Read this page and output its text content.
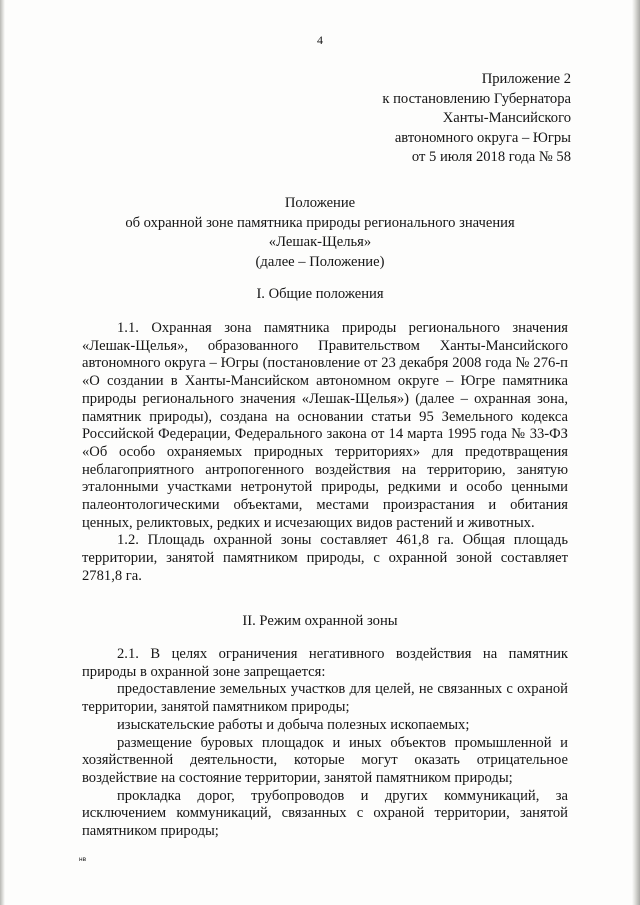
4
Приложение 2
к постановлению Губернатора
Ханты-Мансийского
автономного округа – Югры
от 5 июля 2018 года № 58
Положение
об охранной зоне памятника природы регионального значения
«Лешак-Щелья»
(далее – Положение)
I. Общие положения

1.1. Охранная зона памятника природы регионального значения «Лешак-Щелья», образованного Правительством Ханты-Мансийского автономного округа – Югры (постановление от 23 декабря 2008 года № 276-п «О создании в Ханты-Мансийском автономном округе – Югре памятника природы регионального значения «Лешак-Щелья») (далее – охранная зона, памятник природы), создана на основании статьи 95 Земельного кодекса Российской Федерации, Федерального закона от 14 марта 1995 года № 33-ФЗ «Об особо охраняемых природных территориях» для предотвращения неблагоприятного антропогенного воздействия на территорию, занятую эталонными участками нетронутой природы, редкими и особо ценными палеонтологическими объектами, местами произрастания и обитания ценных, реликтовых, редких и исчезающих видов растений и животных.

1.2. Площадь охранной зоны составляет 461,8 га. Общая площадь территории, занятой памятником природы, с охранной зоной составляет 2781,8 га.

II. Режим охранной зоны

2.1. В целях ограничения негативного воздействия на памятник природы в охранной зоне запрещается:

предоставление земельных участков для целей, не связанных с охраной территории, занятой памятником природы;

изыскательские работы и добыча полезных ископаемых;

размещение буровых площадок и иных объектов промышленной и хозяйственной деятельности, которые могут оказать отрицательное воздействие на состояние территории, занятой памятником природы;

прокладка дорог, трубопроводов и других коммуникаций, за исключением коммуникаций, связанных с охраной территории, занятой памятником природы;

нв
